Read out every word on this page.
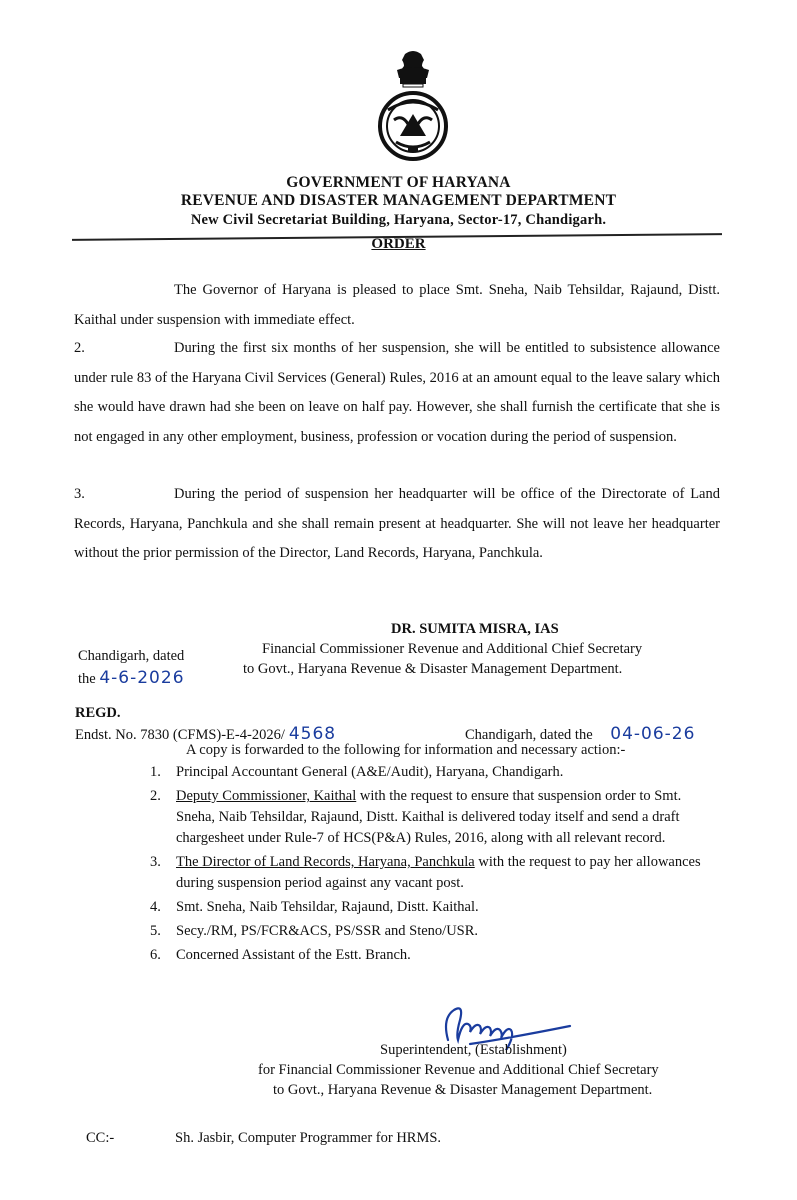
GOVERNMENT OF HARYANA
REVENUE AND DISASTER MANAGEMENT DEPARTMENT
New Civil Secretariat Building, Haryana, Sector-17, Chandigarh.
ORDER
The Governor of Haryana is pleased to place Smt. Sneha, Naib Tehsildar, Rajaund, Distt. Kaithal under suspension with immediate effect.
2.	During the first six months of her suspension, she will be entitled to subsistence allowance under rule 83 of the Haryana Civil Services (General) Rules, 2016 at an amount equal to the leave salary which she would have drawn had she been on leave on half pay. However, she shall furnish the certificate that she is not engaged in any other employment, business, profession or vocation during the period of suspension.
3.	During the period of suspension her headquarter will be office of the Directorate of Land Records, Haryana, Panchkula and she shall remain present at headquarter. She will not leave her headquarter without the prior permission of the Director, Land Records, Haryana, Panchkula.
DR. SUMITA MISRA, IAS
Financial Commissioner Revenue and Additional Chief Secretary
to Govt., Haryana Revenue & Disaster Management Department.
Chandigarh, dated
the 4-6-2026
REGD.
Endst. No. 7830 (CFMS)-E-4-2026/ 4568	Chandigarh, dated the 04-06-26
A copy is forwarded to the following for information and necessary action:-
1.	Principal Accountant General (A&E/Audit), Haryana, Chandigarh.
2.	Deputy Commissioner, Kaithal with the request to ensure that suspension order to Smt. Sneha, Naib Tehsildar, Rajaund, Distt. Kaithal is delivered today itself and send a draft chargesheet under Rule-7 of HCS(P&A) Rules, 2016, along with all relevant record.
3.	The Director of Land Records, Haryana, Panchkula with the request to pay her allowances during suspension period against any vacant post.
4.	Smt. Sneha, Naib Tehsildar, Rajaund, Distt. Kaithal.
5.	Secy./RM, PS/FCR&ACS, PS/SSR and Steno/USR.
6.	Concerned Assistant of the Estt. Branch.
Superintendent, (Establishment)
for Financial Commissioner Revenue and Additional Chief Secretary
to Govt., Haryana Revenue & Disaster Management Department.
CC:-	Sh. Jasbir, Computer Programmer for HRMS.
